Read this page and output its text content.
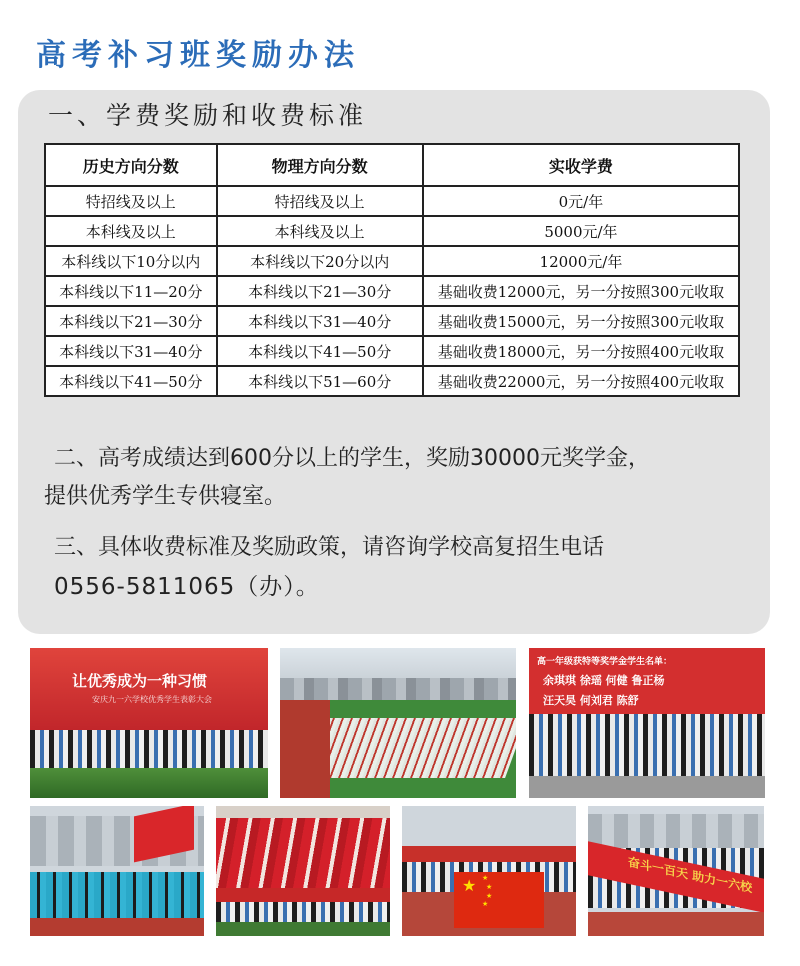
高考补习班奖励办法
一、学费奖励和收费标准
历史方向分数	物理方向分数	实收学费
特招线及以上	特招线及以上	0元/年
本科线及以上	本科线及以上	5000元/年
本科线以下10分以内	本科线以下20分以内	12000元/年
本科线以下11—20分	本科线以下21—30分	基础收费12000元，另一分按照300元收取
本科线以下21—30分	本科线以下31—40分	基础收费15000元，另一分按照300元收取
本科线以下31—40分	本科线以下41—50分	基础收费18000元，另一分按照400元收取
本科线以下41—50分	本科线以下51—60分	基础收费22000元，另一分按照400元收取
二、高考成绩达到600分以上的学生，奖励30000元奖学金，
提供优秀学生专供寝室。
三、具体收费标准及奖励政策，请咨询学校高复招生电话
0556-5811065（办）。
让优秀成为一种习惯
安庆九一六学校优秀学生表彰大会
高一年级获特等奖学金学生名单：
余琪琪 徐瑶 何健 鲁正杨
汪天昊 何刘君 陈舒
★ ★
★
★
★
奋斗一百天 助力一六校
